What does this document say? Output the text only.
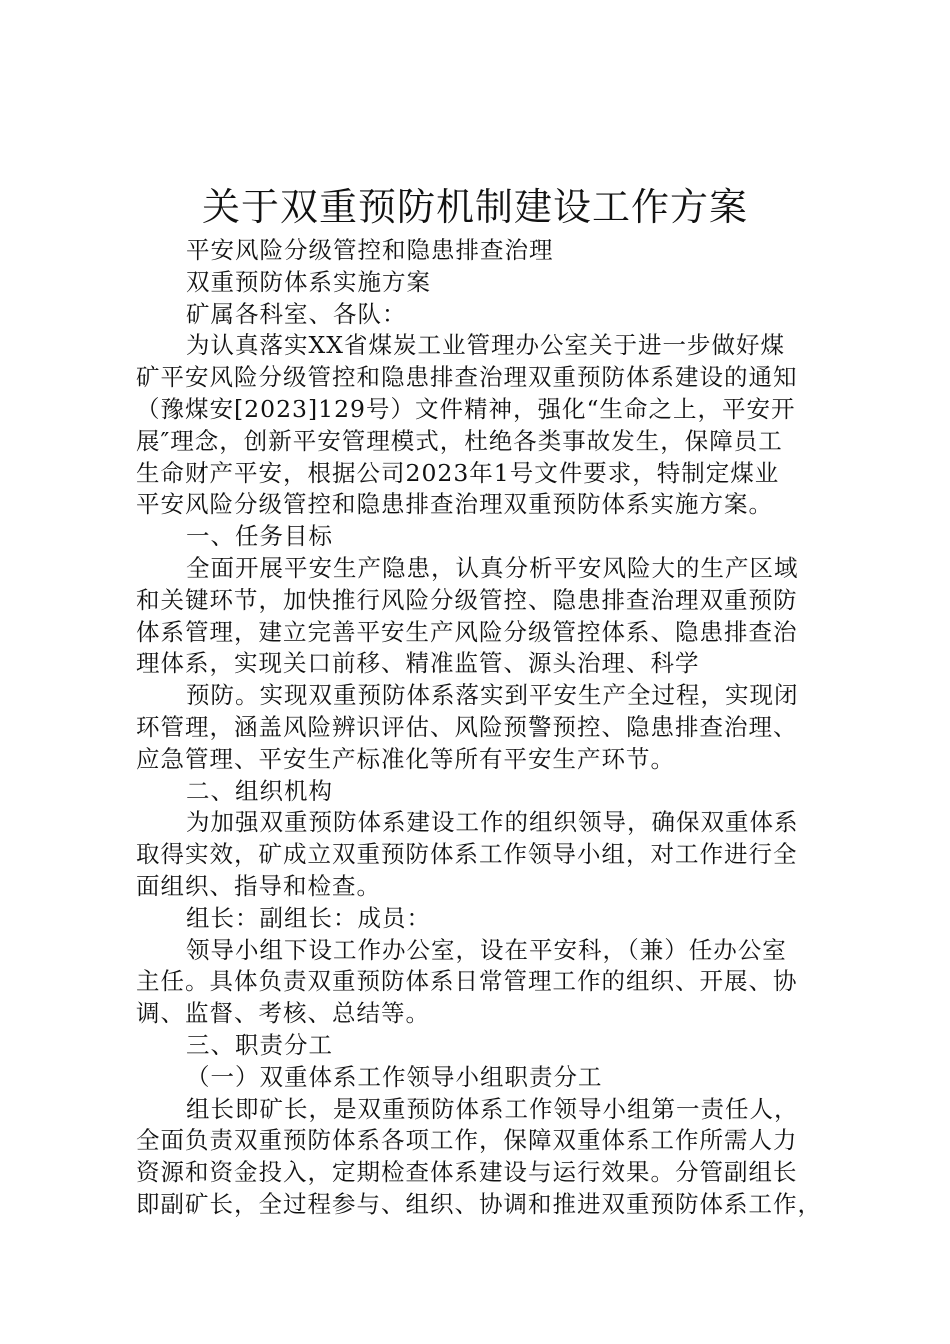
关于双重预防机制建设工作方案
平安风险分级管控和隐患排查治理
双重预防体系实施方案
矿属各科室、各队：
为认真落实XX省煤炭工业管理办公室关于进一步做好煤
矿平安风险分级管控和隐患排查治理双重预防体系建设的通知
（豫煤安[2023]129号）文件精神，强化“生命之上，平安开
展″理念，创新平安管理模式，杜绝各类事故发生，保障员工
生命财产平安，根据公司2023年1号文件要求，特制定煤业
平安风险分级管控和隐患排查治理双重预防体系实施方案。
一、任务目标
全面开展平安生产隐患，认真分析平安风险大的生产区域
和关键环节，加快推行风险分级管控、隐患排查治理双重预防
体系管理，建立完善平安生产风险分级管控体系、隐患排查治
理体系，实现关口前移、精准监管、源头治理、科学
预防。实现双重预防体系落实到平安生产全过程，实现闭
环管理，涵盖风险辨识评估、风险预警预控、隐患排查治理、
应急管理、平安生产标准化等所有平安生产环节。
二、组织机构
为加强双重预防体系建设工作的组织领导，确保双重体系
取得实效，矿成立双重预防体系工作领导小组，对工作进行全
面组织、指导和检查。
组长：副组长：成员：
领导小组下设工作办公室，设在平安科，（兼）任办公室
主任。具体负责双重预防体系日常管理工作的组织、开展、协
调、监督、考核、总结等。
三、职责分工
（一）双重体系工作领导小组职责分工
组长即矿长，是双重预防体系工作领导小组第一责任人，
全面负责双重预防体系各项工作，保障双重体系工作所需人力
资源和资金投入，定期检查体系建设与运行效果。分管副组长
即副矿长，全过程参与、组织、协调和推进双重预防体系工作，
